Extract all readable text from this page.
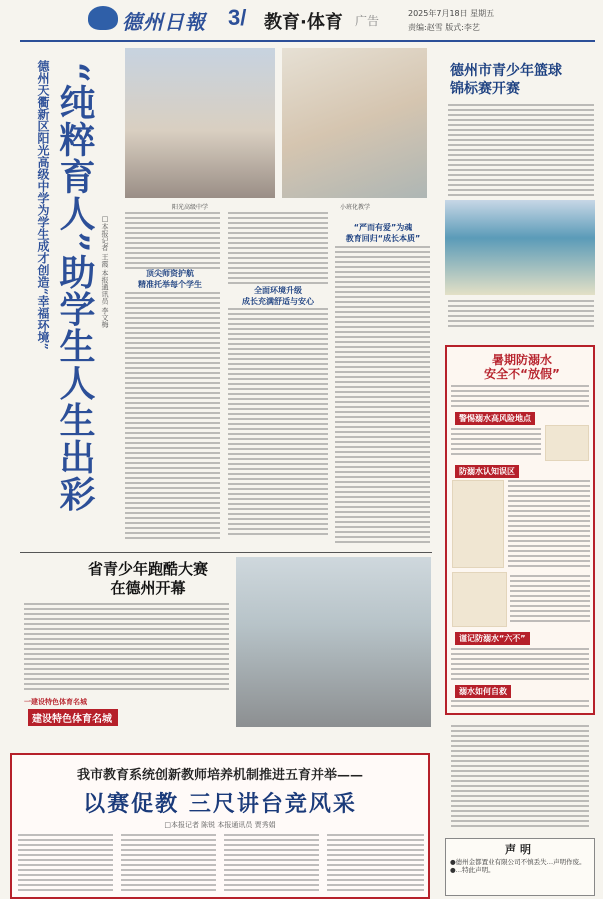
德州日報 3/ 教育·体育 广告
2025年7月18日 星期五
责编:赵雪 版式:李艺
德州天衢新区阳光高级中学为学生成才创造“幸福环境” “纯粹育人”助学生人生出彩 □本报记者 王霞 本报通讯员 李文梅
阳光高级中学	小班化教学
顶尖师资护航
精准托举每个学生
全面环境升级
成长充满舒适与安心
“严而有爱”为魂
教育回归“成长本质”
省青少年跑酷大赛
在德州开幕
一建设特色体育名城
建设特色体育名城
德州市青少年篮球
锦标赛开赛
暑期防溺水
安全不“放假”
警惕溺水高风险地点
防溺水认知误区
谨记防溺水“六不”
溺水如何自救
我市教育系统创新教师培养机制推进五育并举——
以赛促教 三尺讲台竞风采
□本报记者 陈锐 本报通讯员 贾秀娟
声明
●德州金都置业有限公司不慎丢失…声明作废。
●…特此声明。
